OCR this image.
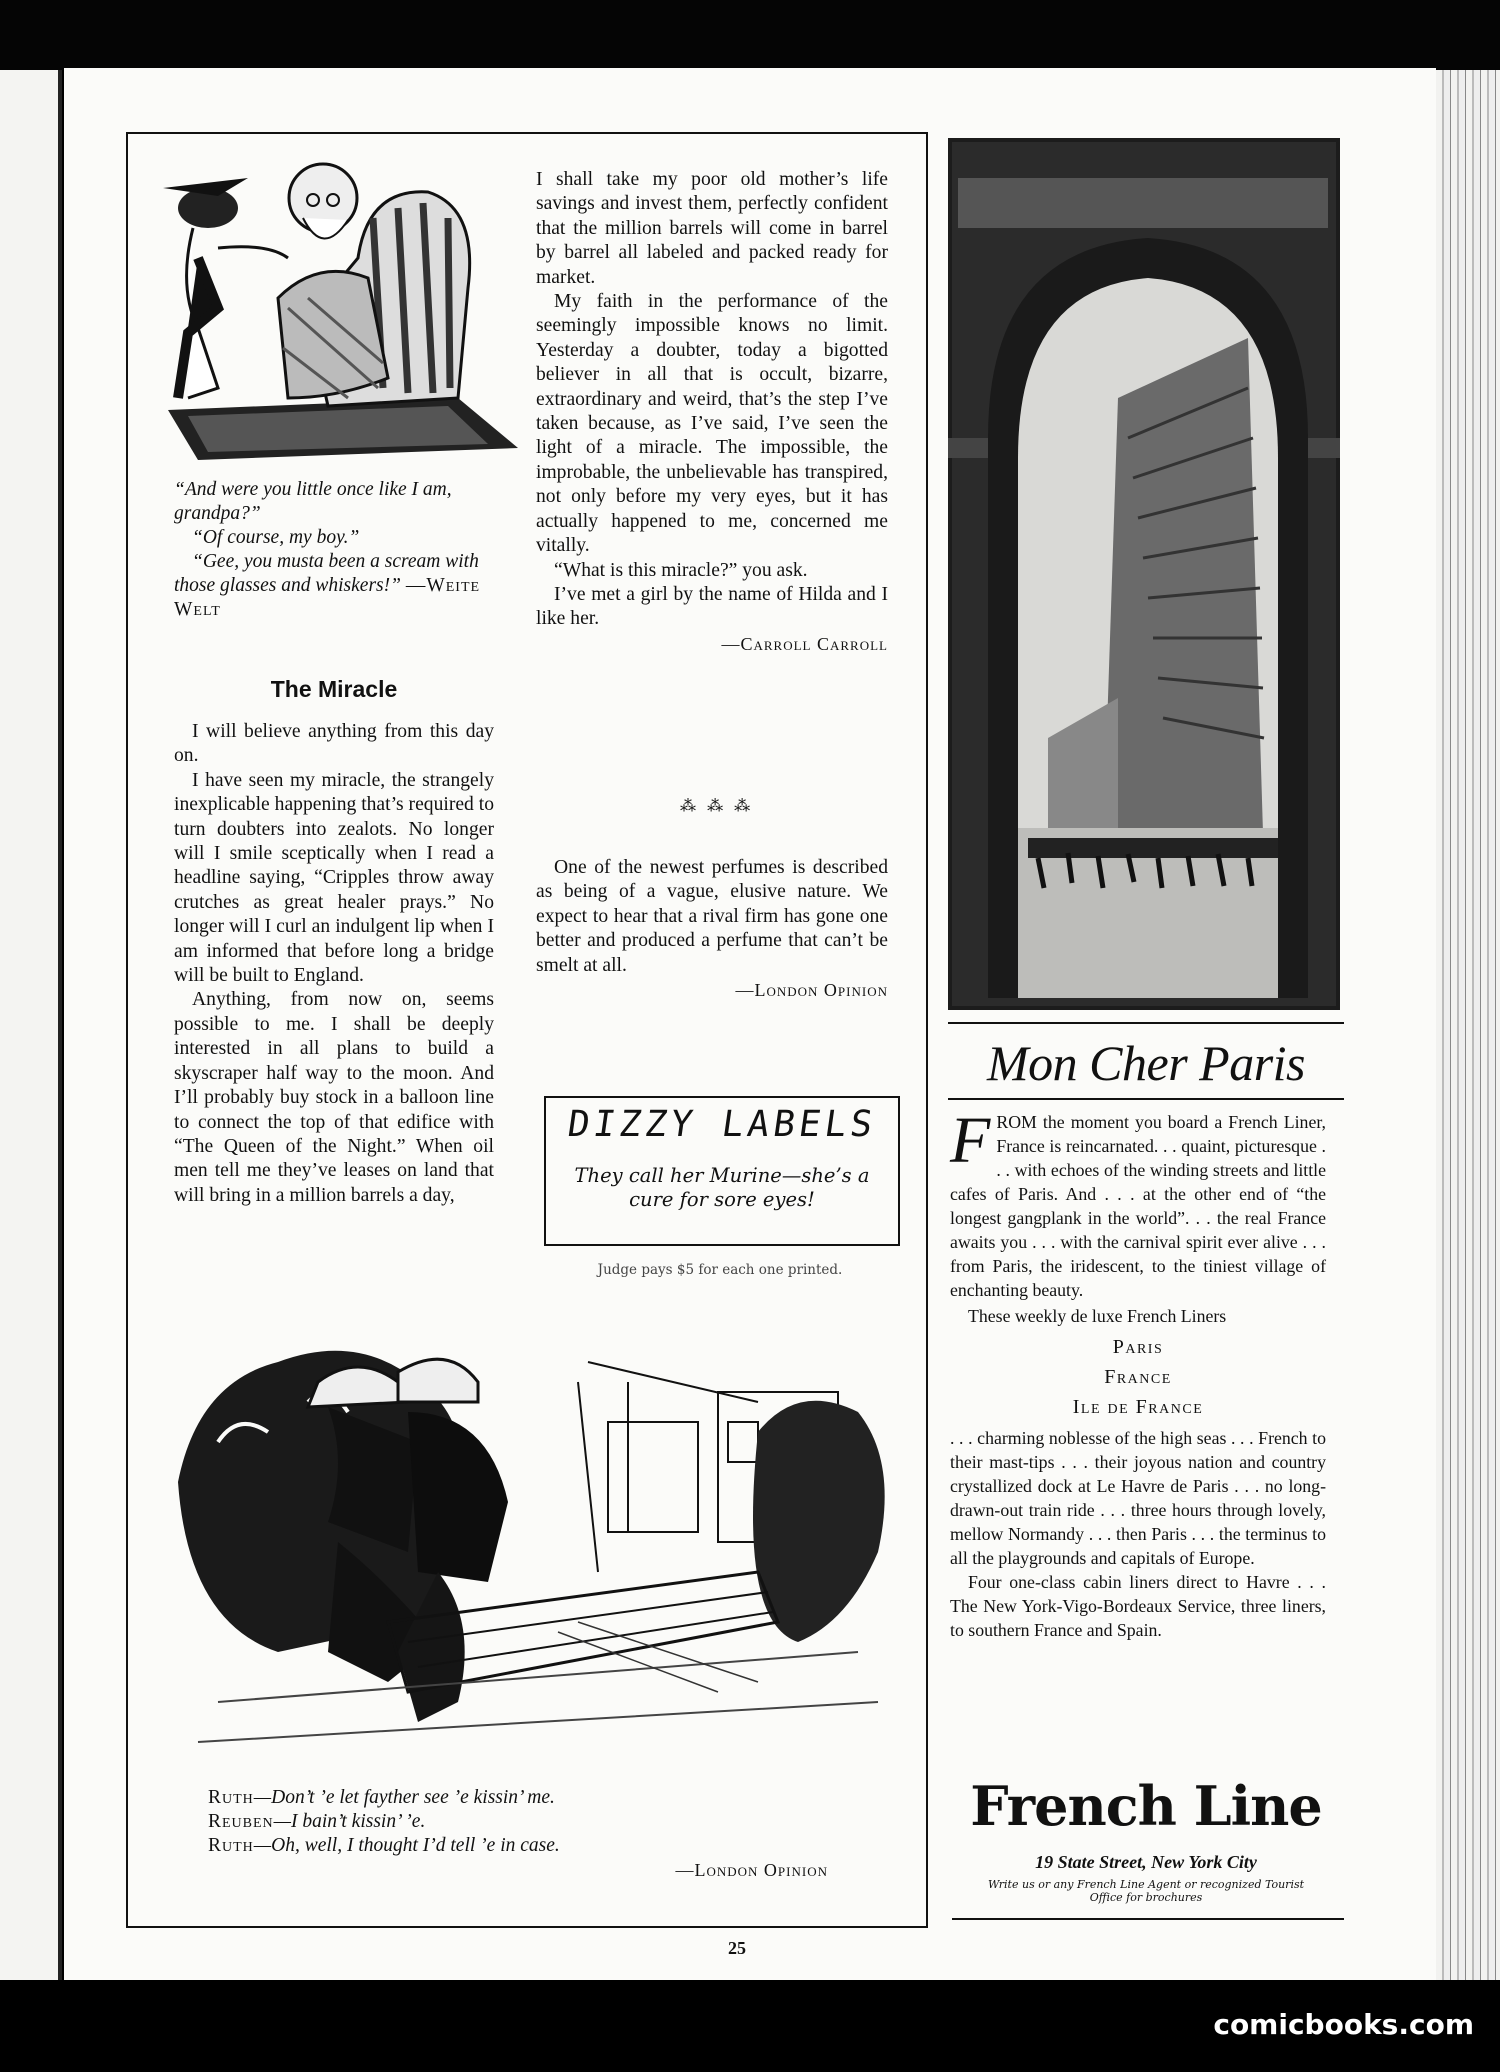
“And were you little once like I am, grandpa?”

“Of course, my boy.”

“Gee, you musta been a scream with those glasses and whiskers!” —Weite Welt

The Miracle

I will believe anything from this day on.

I have seen my miracle, the strangely inexplicable happening that’s required to turn doubters into zealots. No longer will I smile sceptically when I read a headline saying, “Cripples throw away crutches as great healer prays.” No longer will I curl an indulgent lip when I am informed that before long a bridge will be built to England.

Anything, from now on, seems possible to me. I shall be deeply interested in all plans to build a skyscraper half way to the moon. And I’ll probably buy stock in a balloon line to connect the top of that edifice with “The Queen of the Night.” When oil men tell me they’ve leases on land that will bring in a million barrels a day,

I shall take my poor old mother’s life savings and invest them, perfectly confident that the million barrels will come in barrel by barrel all labeled and packed ready for market.

My faith in the performance of the seemingly impossible knows no limit. Yesterday a doubter, today a bigotted believer in all that is occult, bizarre, extraordinary and weird, that’s the step I’ve taken because, as I’ve said, I’ve seen the light of a miracle. The impossible, the improbable, the unbelievable has transpired, not only before my very eyes, but it has actually happened to me, concerned me vitally.

“What is this miracle?” you ask.

I’ve met a girl by the name of Hilda and I like her.

—Carroll Carroll
⁂ ⁂ ⁂

One of the newest perfumes is described as being of a vague, elusive nature. We expect to hear that a rival firm has gone one better and produced a perfume that can’t be smelt at all.

—London Opinion
DIZZY LABELS
They call her Murine—she’s a cure for sore eyes!
Judge pays $5 for each one printed.

Ruth—Don’t ’e let fayther see ’e kissin’ me.

Reuben—I bain’t kissin’ ’e.

Ruth—Oh, well, I thought I’d tell ’e in case.

—London Opinion
Mon Cher Paris

FROM the moment you board a French Liner, France is reincarnated. . . quaint, picturesque . . . with echoes of the winding streets and little cafes of Paris. And . . . at the other end of “the longest gangplank in the world”. . . the real France awaits you . . . with the carnival spirit ever alive . . . from Paris, the iridescent, to the tiniest village of enchanting beauty.

These weekly de luxe French Liners

Paris
France
Ile de France

. . . charming noblesse of the high seas . . . French to their mast-tips . . . their joyous nation and country crystallized dock at Le Havre de Paris . . . no long-drawn-out train ride . . . three hours through lovely, mellow Normandy . . . then Paris . . . the terminus to all the playgrounds and capitals of Europe.

Four one-class cabin liners direct to Havre . . . The New York-Vigo-Bordeaux Service, three liners, to southern France and Spain.

French Line
19 State Street, New York City
Write us or any French Line Agent or recognized Tourist Office for brochures
25
comicbooks.com
